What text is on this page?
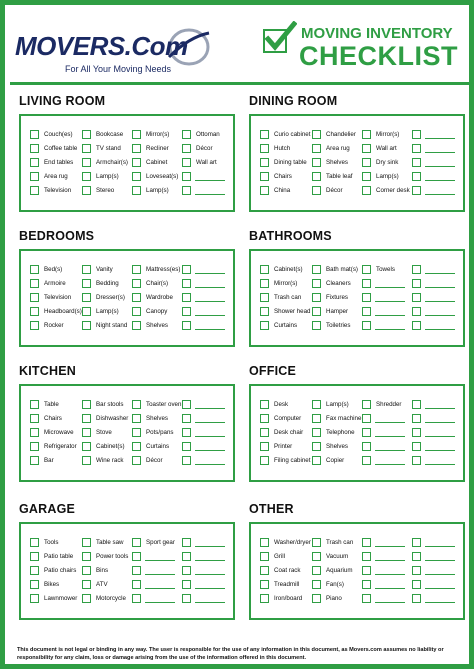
MOVERS.Com
For All Your Moving Needs
MOVING INVENTORY
CHECKLIST
LIVING ROOM
Couch(es)
Coffee table
End tables
Area rug
Television
Bookcase
TV stand
Armchair(s)
Lamp(s)
Stereo
Mirror(s)
Recliner
Cabinet
Loveseat(s)
Lamp(s)
Ottoman
Décor
Wall art
DINING ROOM
Curio cabinet
Hutch
Dining table
Chairs
China
Chandelier
Area rug
Shelves
Table leaf
Décor
Mirror(s)
Wall art
Dry sink
Lamp(s)
Corner desk
BEDROOMS
Bed(s)
Armoire
Television
Headboard(s)
Rocker
Vanity
Bedding
Dresser(s)
Lamp(s)
Night stand
Mattress(es)
Chair(s)
Wardrobe
Canopy
Shelves
BATHROOMS
Cabinet(s)
Mirror(s)
Trash can
Shower head
Curtains
Bath mat(s)
Cleaners
Fixtures
Hamper
Toiletries
Towels
KITCHEN
Table
Chairs
Microwave
Refrigerator
Bar
Bar stools
Dishwasher
Stove
Cabinet(s)
Wine rack
Toaster oven
Shelves
Pots/pans
Curtains
Décor
OFFICE
Desk
Computer
Desk chair
Printer
Filing cabinet
Lamp(s)
Fax machine
Telephone
Shelves
Copier
Shredder
GARAGE
Tools
Patio table
Patio chairs
Bikes
Lawnmower
Table saw
Power tools
Bins
ATV
Motorcycle
Sport gear
OTHER
Washer/dryer
Grill
Coat rack
Treadmill
Iron/board
Trash can
Vacuum
Aquarium
Fan(s)
Piano
This document is not legal or binding in any way. The user is responsible for the use of any information in this document, as Movers.com assumes no liability or responsibility for any claim, loss or damage arising from the use of the information offered in this document.
